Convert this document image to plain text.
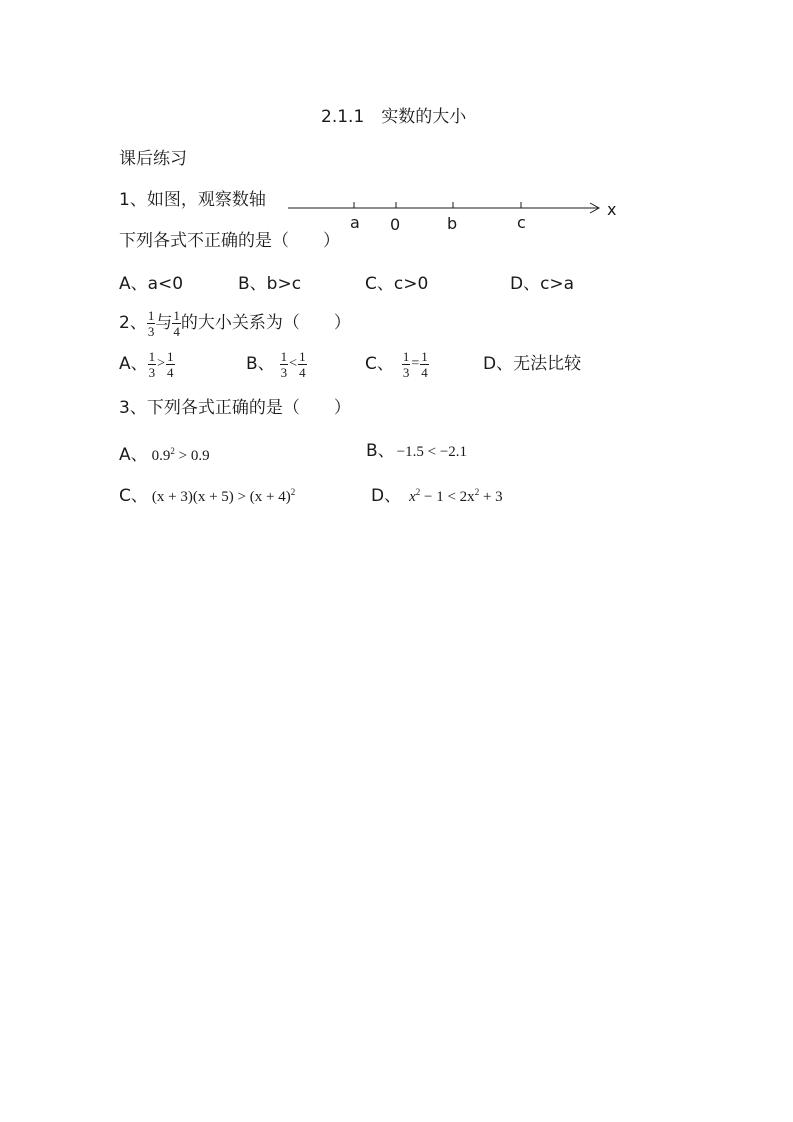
2.1.1　实数的大小
课后练习
1、如图，观察数轴
a 0	b	c
x
下列各式不正确的是（　　）
A、a<0	B、b>c	C、c>0	D、c>a
2、 $\frac{1}{3}$ 与 $\frac{1}{4}$ 的大小关系为（　　）
A、 $\frac{1}{3} > \frac{1}{4}$	B、 $\frac{1}{3} < \frac{1}{4}$	C、 $\frac{1}{3} = \frac{1}{4}$	D、无法比较
3、下列各式正确的是（　　）
A、 $0.9^2 > 0.9$	B、 −1.5 < −2.1
C、 $(x + 3)(x + 5) > (x + 4)^2$	D、 $x^2 - 1 < 2x^2 + 3$
